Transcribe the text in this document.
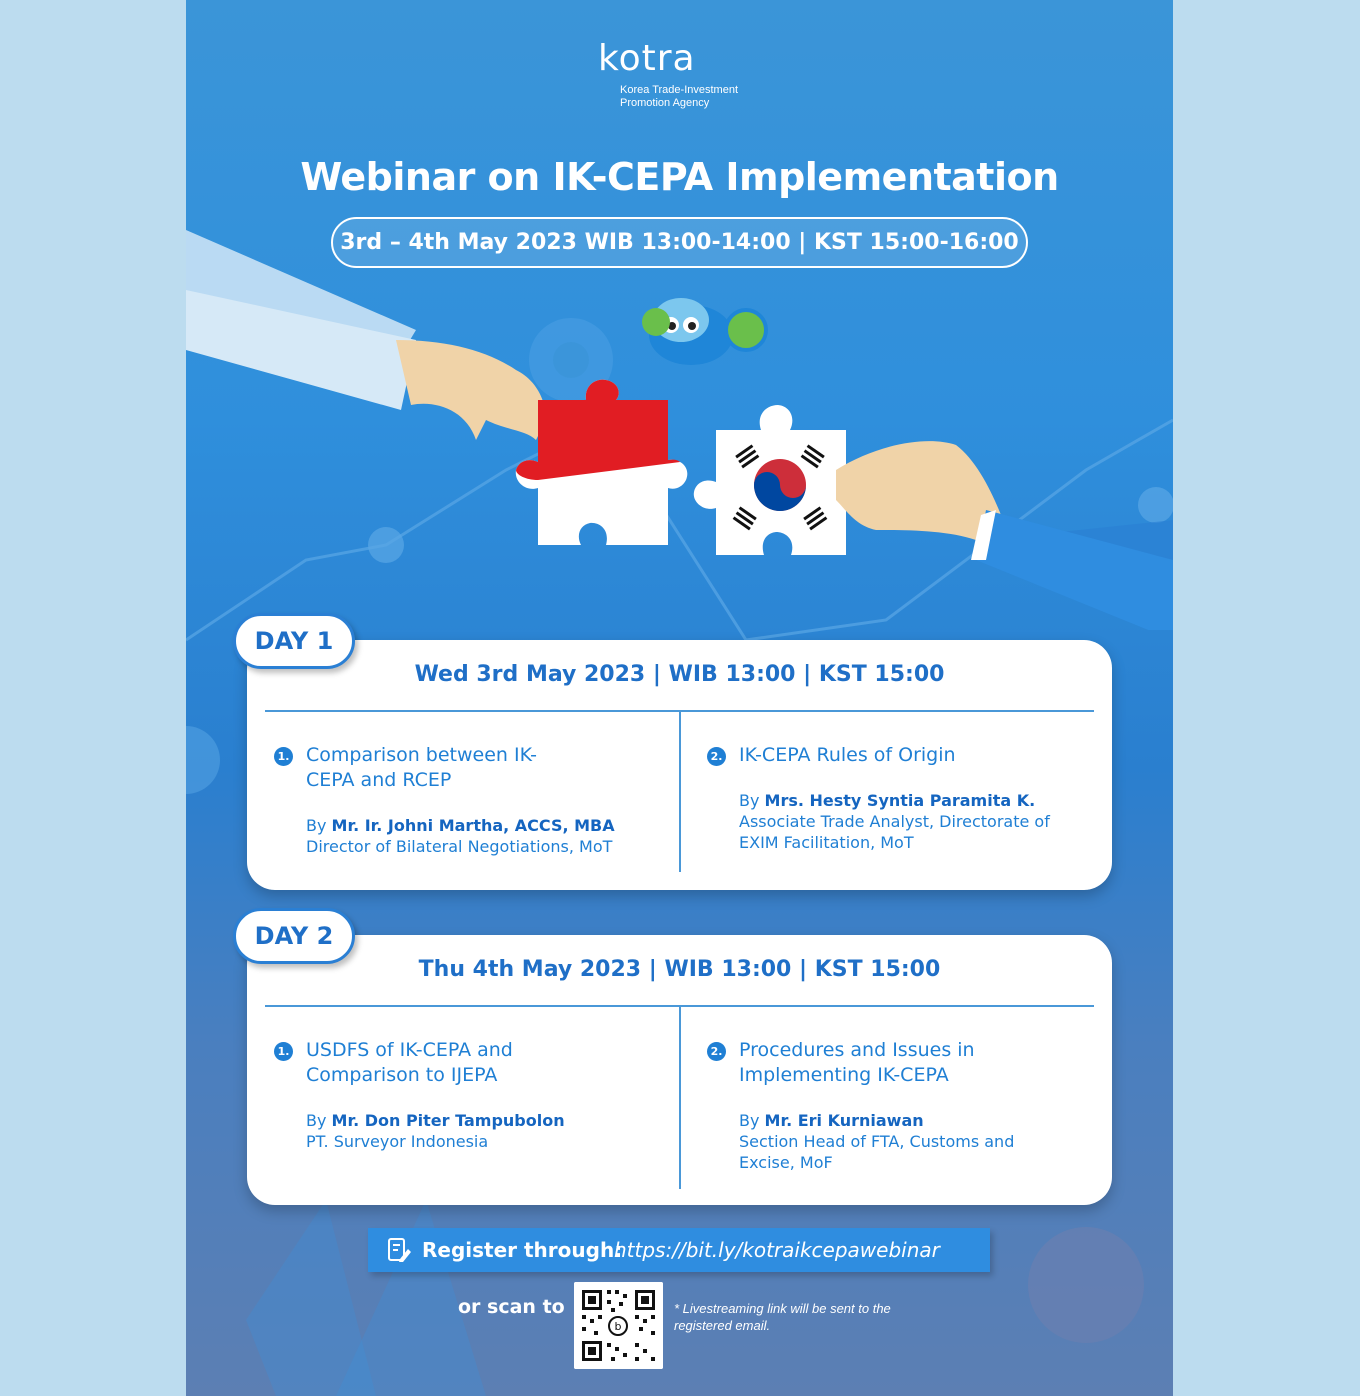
kotra
Korea Trade-Investment
Promotion Agency
Webinar on IK-CEPA Implementation
3rd – 4th May 2023 WIB 13:00-14:00 | KST 15:00-16:00
DAY 1
Wed 3rd May 2023 | WIB 13:00 | KST 15:00
1. Comparison between IK-CEPA and RCEP
By Mr. Ir. Johni Martha, ACCS, MBA
Director of Bilateral Negotiations, MoT
2. IK-CEPA Rules of Origin
By Mrs. Hesty Syntia Paramita K.
Associate Trade Analyst, Directorate of EXIM Facilitation, MoT
DAY 2
Thu 4th May 2023 | WIB 13:00 | KST 15:00
1. USDFS of IK-CEPA and Comparison to IJEPA
By Mr. Don Piter Tampubolon
PT. Surveyor Indonesia
2. Procedures and Issues in Implementing IK-CEPA
By Mr. Eri Kurniawan
Section Head of FTA, Customs and Excise, MoF
Register through:
https://bit.ly/kotraikcepawebinar
or scan to
b
* Livestreaming link will be sent to the registered email.
